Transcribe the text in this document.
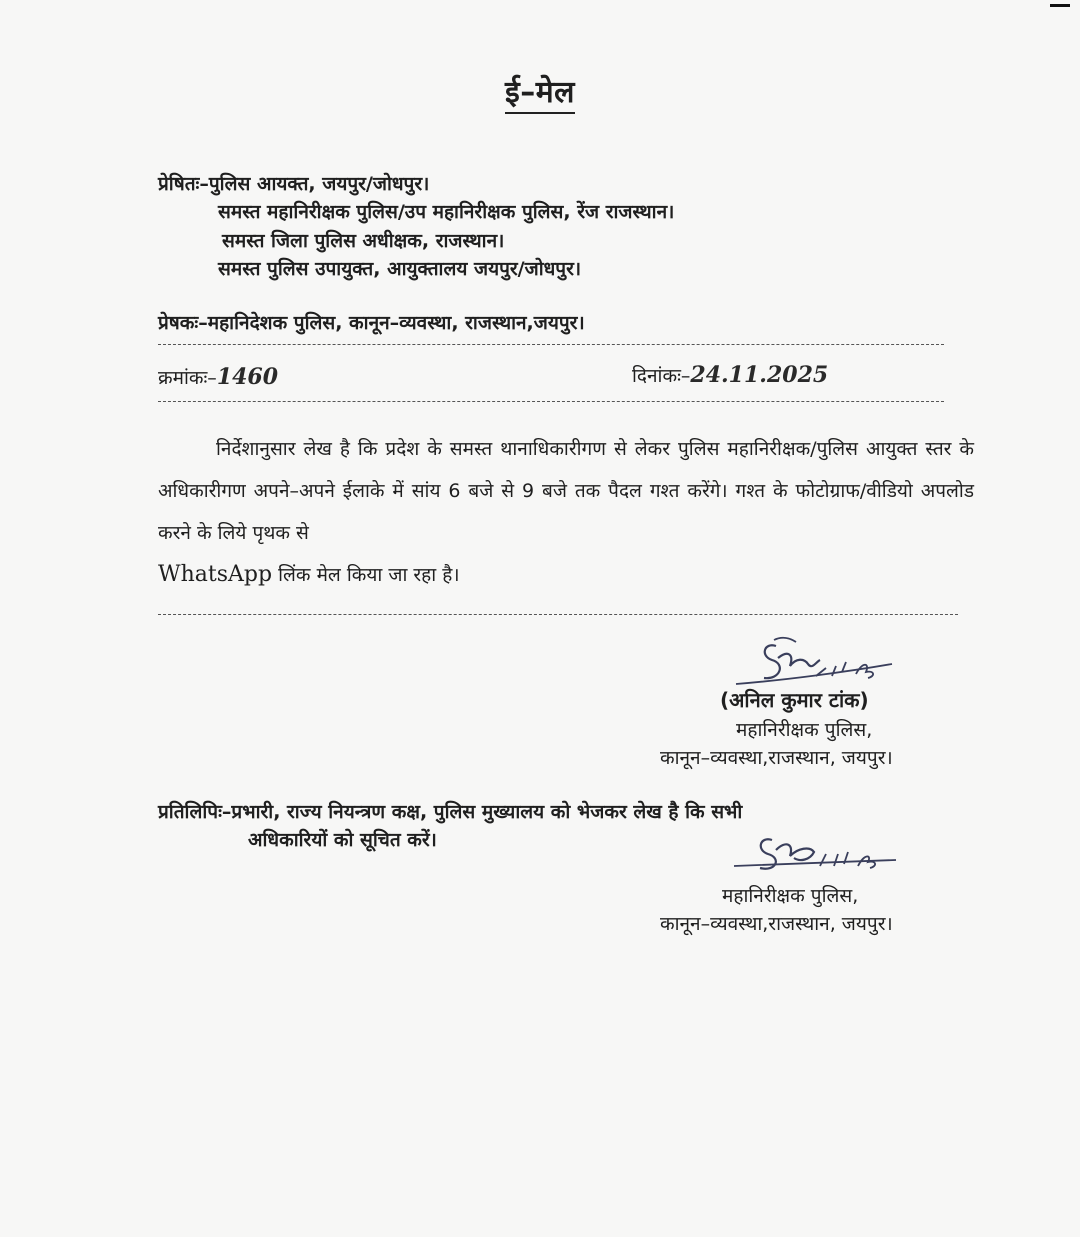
ई–मेल
प्रेषितः–पुलिस आयक्त, जयपुर/जोधपुर।
समस्त महानिरीक्षक पुलिस/उप महानिरीक्षक पुलिस, रेंज राजस्थान।
समस्त जिला पुलिस अधीक्षक, राजस्थान।
समस्त पुलिस उपायुक्त, आयुक्तालय जयपुर/जोधपुर।
प्रेषकः–महानिदेशक पुलिस, कानून–व्यवस्था, राजस्थान,जयपुर।
क्रमांकः–1460	दिनांकः–24.11.2025
निर्देशानुसार लेख है कि प्रदेश के समस्त थानाधिकारीगण से लेकर पुलिस महानिरीक्षक/पुलिस आयुक्त स्तर के अधिकारीगण अपने–अपने ईलाके में सांय 6 बजे से 9 बजे तक पैदल गश्त करेंगे। गश्त के फोटोग्राफ/वीडियो अपलोड करने के लिये पृथक से
WhatsApp लिंक मेल किया जा रहा है।
(अनिल कुमार टांक)
महानिरीक्षक पुलिस,
कानून–व्यवस्था,राजस्थान, जयपुर।
प्रतिलिपिः–प्रभारी, राज्य नियन्त्रण कक्ष, पुलिस मुख्यालय को भेजकर लेख है कि सभी
अधिकारियों को सूचित करें।
महानिरीक्षक पुलिस,
कानून–व्यवस्था,राजस्थान, जयपुर।
